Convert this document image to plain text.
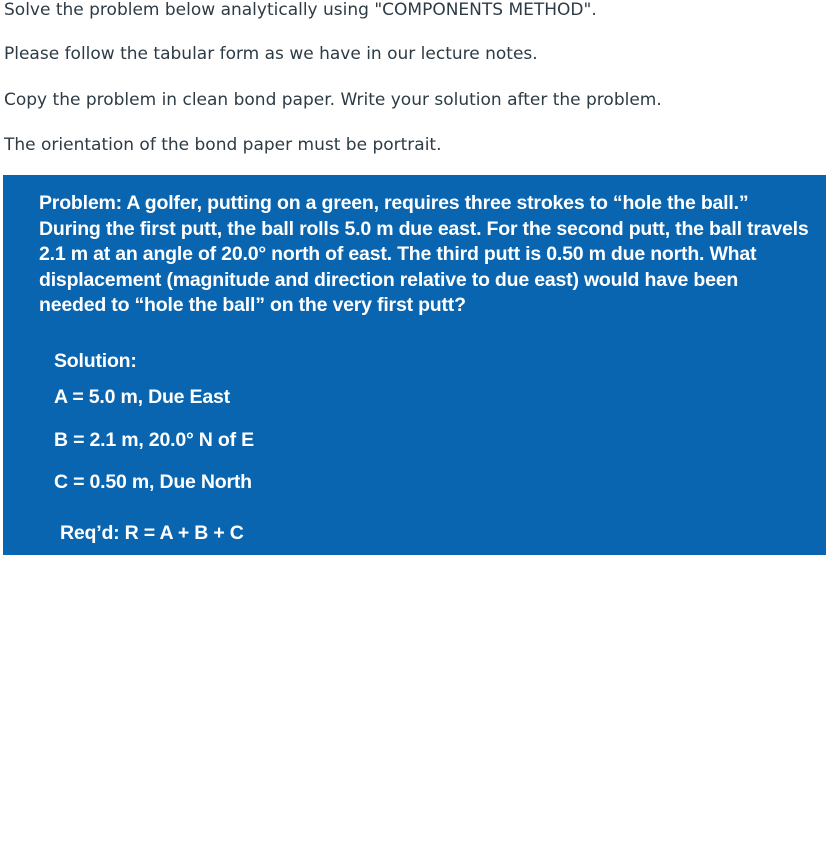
Solve the problem below analytically using "COMPONENTS METHOD".
Please follow the tabular form as we have in our lecture notes.
Copy the problem in clean bond paper. Write your solution after the problem.
The orientation of the bond paper must be portrait.
Problem: A golfer, putting on a green, requires three strokes to “hole the ball.” During the first putt, the ball rolls 5.0 m due east. For the second putt, the ball travels 2.1 m at an angle of 20.0° north of east. The third putt is 0.50 m due north. What displacement (magnitude and direction relative to due east) would have been needed to “hole the ball” on the very first putt?
Solution:
A = 5.0 m, Due East
B = 2.1 m, 20.0° N of E
C = 0.50 m, Due North
Req’d: R = A + B + C
